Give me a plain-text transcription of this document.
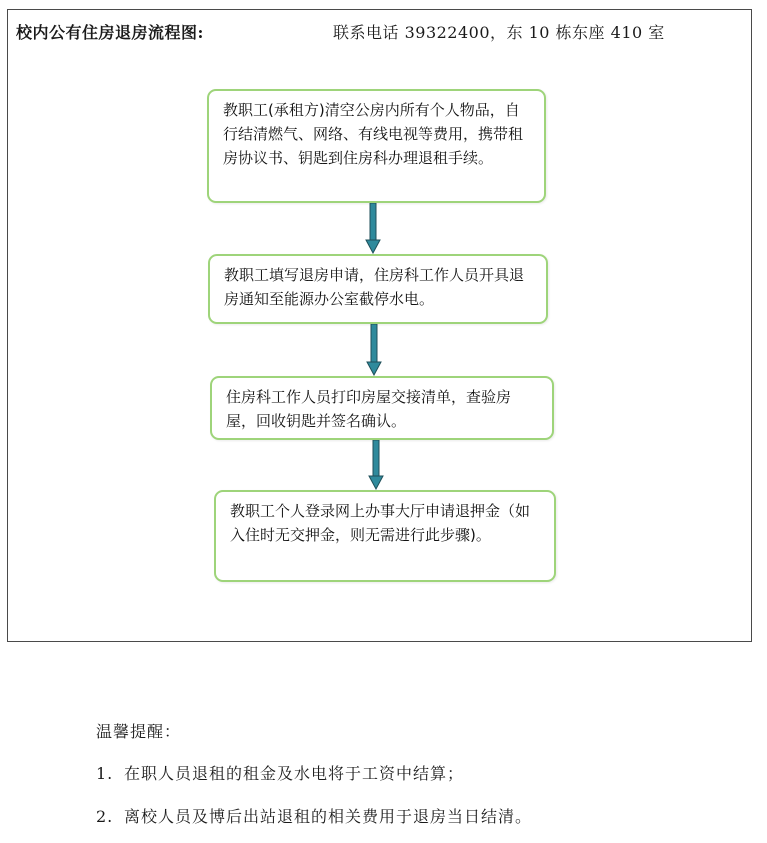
校内公有住房退房流程图:	联系电话 39322400，东 10 栋东座 410 室
教职工(承租方)清空公房内所有个人物品，自行结清燃气、网络、有线电视等费用，携带租房协议书、钥匙到住房科办理退租手续。
教职工填写退房申请，住房科工作人员开具退房通知至能源办公室截停水电。
住房科工作人员打印房屋交接清单，查验房屋，回收钥匙并签名确认。
教职工个人登录网上办事大厅申请退押金（如入住时无交押金，则无需进行此步骤)。
温馨提醒：
1. 在职人员退租的租金及水电将于工资中结算；
2. 离校人员及博后出站退租的相关费用于退房当日结清。
